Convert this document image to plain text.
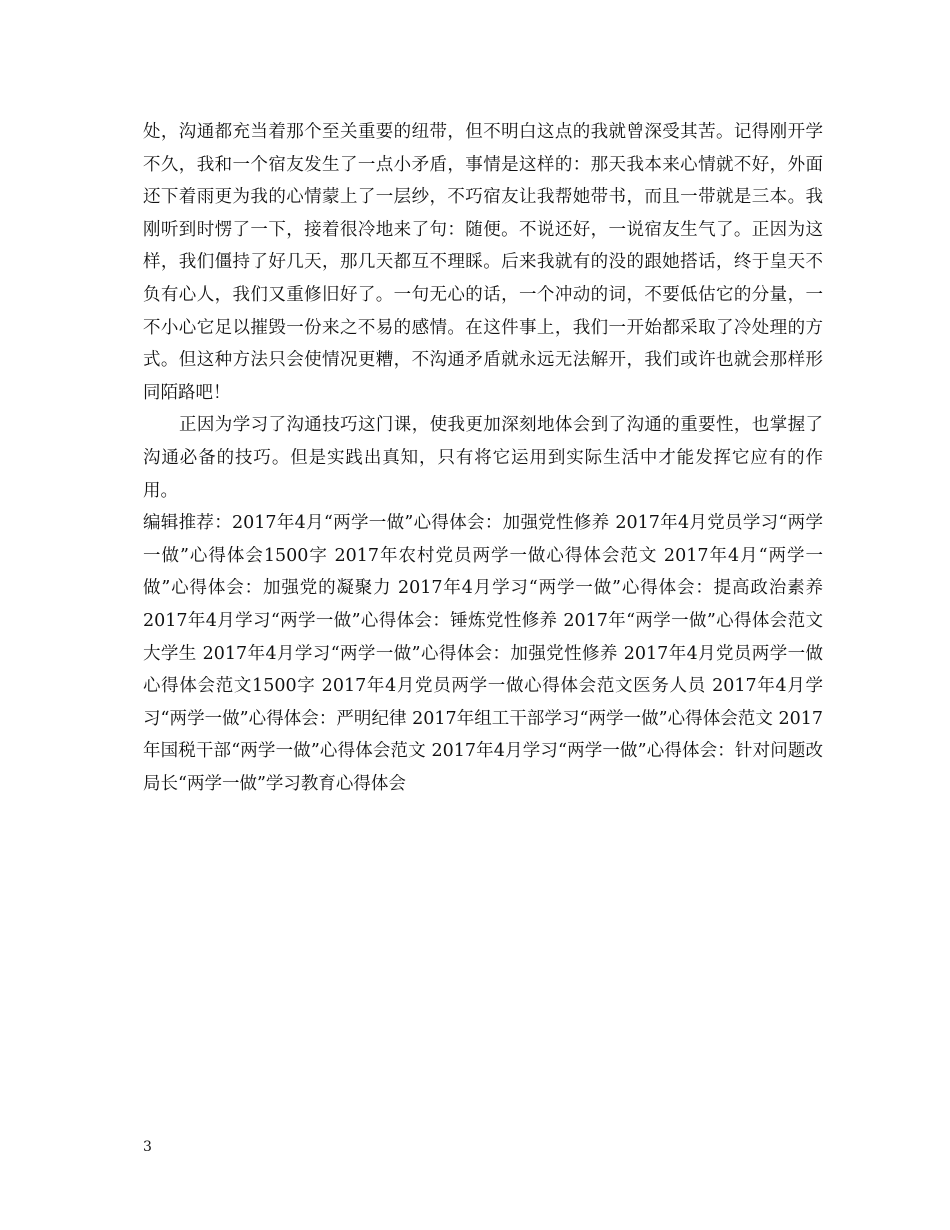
处，沟通都充当着那个至关重要的纽带，但不明白这点的我就曾深受其苦。记得刚开学不久，我和一个宿友发生了一点小矛盾，事情是这样的：那天我本来心情就不好，外面还下着雨更为我的心情蒙上了一层纱，不巧宿友让我帮她带书，而且一带就是三本。我刚听到时愣了一下，接着很冷地来了句：随便。不说还好，一说宿友生气了。正因为这样，我们僵持了好几天，那几天都互不理睬。后来我就有的没的跟她搭话，终于皇天不负有心人，我们又重修旧好了。一句无心的话，一个冲动的词，不要低估它的分量，一不小心它足以摧毁一份来之不易的感情。在这件事上，我们一开始都采取了冷处理的方式。但这种方法只会使情况更糟，不沟通矛盾就永远无法解开，我们或许也就会那样形同陌路吧！

正因为学习了沟通技巧这门课，使我更加深刻地体会到了沟通的重要性，也掌握了沟通必备的技巧。但是实践出真知，只有将它运用到实际生活中才能发挥它应有的作用。

编辑推荐：2017年4月“两学一做”心得体会：加强党性修养 2017年4月党员学习“两学一做”心得体会1500字 2017年农村党员两学一做心得体会范文 2017年4月“两学一做”心得体会：加强党的凝聚力 2017年4月学习“两学一做”心得体会：提高政治素养 2017年4月学习“两学一做”心得体会：锤炼党性修养 2017年“两学一做”心得体会范文大学生 2017年4月学习“两学一做”心得体会：加强党性修养 2017年4月党员两学一做心得体会范文1500字 2017年4月党员两学一做心得体会范文医务人员 2017年4月学习“两学一做”心得体会：严明纪律 2017年组工干部学习“两学一做”心得体会范文 2017年国税干部“两学一做”心得体会范文 2017年4月学习“两学一做”心得体会：针对问题改局长“两学一做”学习教育心得体会

3
